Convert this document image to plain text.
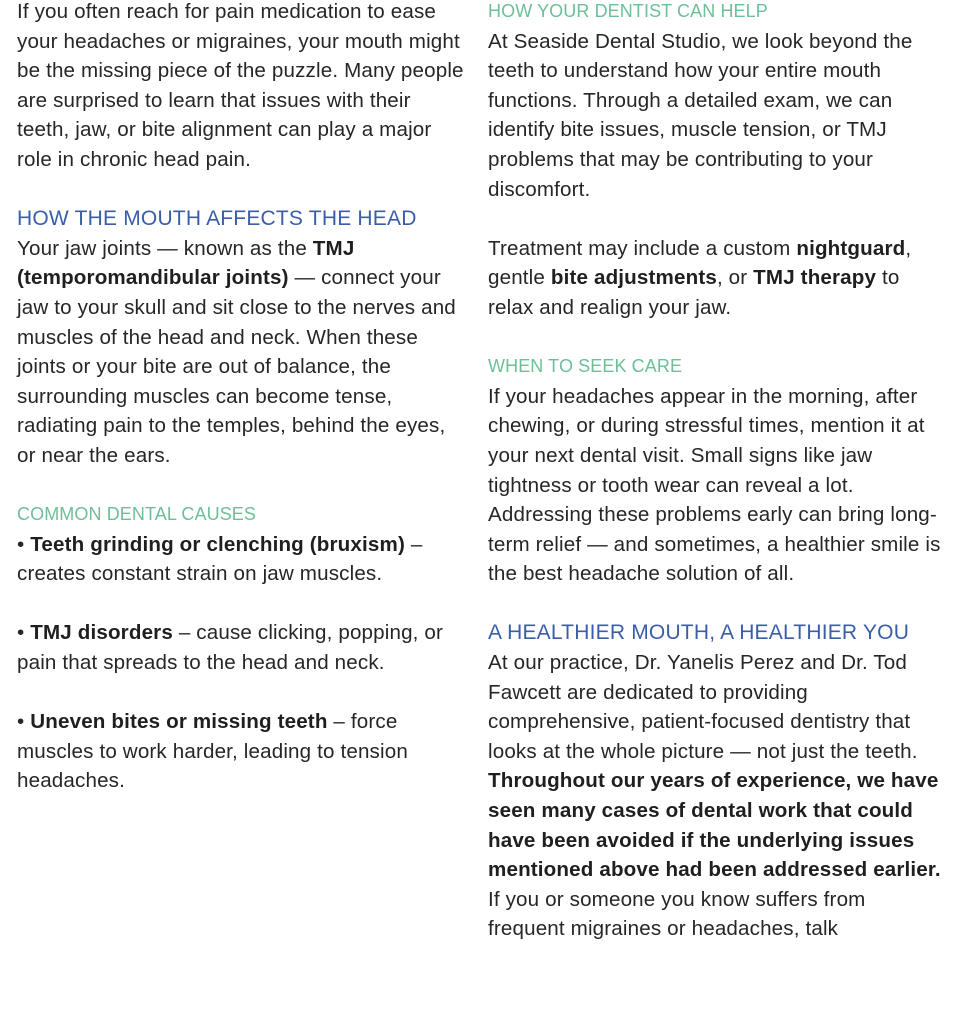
If you often reach for pain medication to ease your headaches or migraines, your mouth might be the missing piece of the puzzle. Many people are surprised to learn that issues with their teeth, jaw, or bite alignment can play a major role in chronic head pain.

HOW THE MOUTH AFFECTS THE HEAD

Your jaw joints — known as the TMJ (temporomandibular joints) — connect your jaw to your skull and sit close to the nerves and muscles of the head and neck. When these joints or your bite are out of balance, the surrounding muscles can become tense, radiating pain to the temples, behind the eyes, or near the ears.

COMMON DENTAL CAUSES

• Teeth grinding or clenching (bruxism) – creates constant strain on jaw muscles.

• TMJ disorders – cause clicking, popping, or pain that spreads to the head and neck.

• Uneven bites or missing teeth – force muscles to work harder, leading to tension headaches.

HOW YOUR DENTIST CAN HELP

At Seaside Dental Studio, we look beyond the teeth to understand how your entire mouth functions. Through a detailed exam, we can identify bite issues, muscle tension, or TMJ problems that may be contributing to your discomfort.

Treatment may include a custom nightguard, gentle bite adjustments, or TMJ therapy to relax and realign your jaw.

WHEN TO SEEK CARE

If your headaches appear in the morning, after chewing, or during stressful times, mention it at your next dental visit. Small signs like jaw tightness or tooth wear can reveal a lot. Addressing these problems early can bring long-term relief — and sometimes, a healthier smile is the best headache solution of all.

A HEALTHIER MOUTH, A HEALTHIER YOU

At our practice, Dr. Yanelis Perez and Dr. Tod Fawcett are dedicated to providing comprehensive, patient-focused dentistry that looks at the whole picture — not just the teeth. Throughout our years of experience, we have seen many cases of dental work that could have been avoided if the underlying issues mentioned above had been addressed earlier. If you or someone you know suffers from frequent migraines or headaches, talk
